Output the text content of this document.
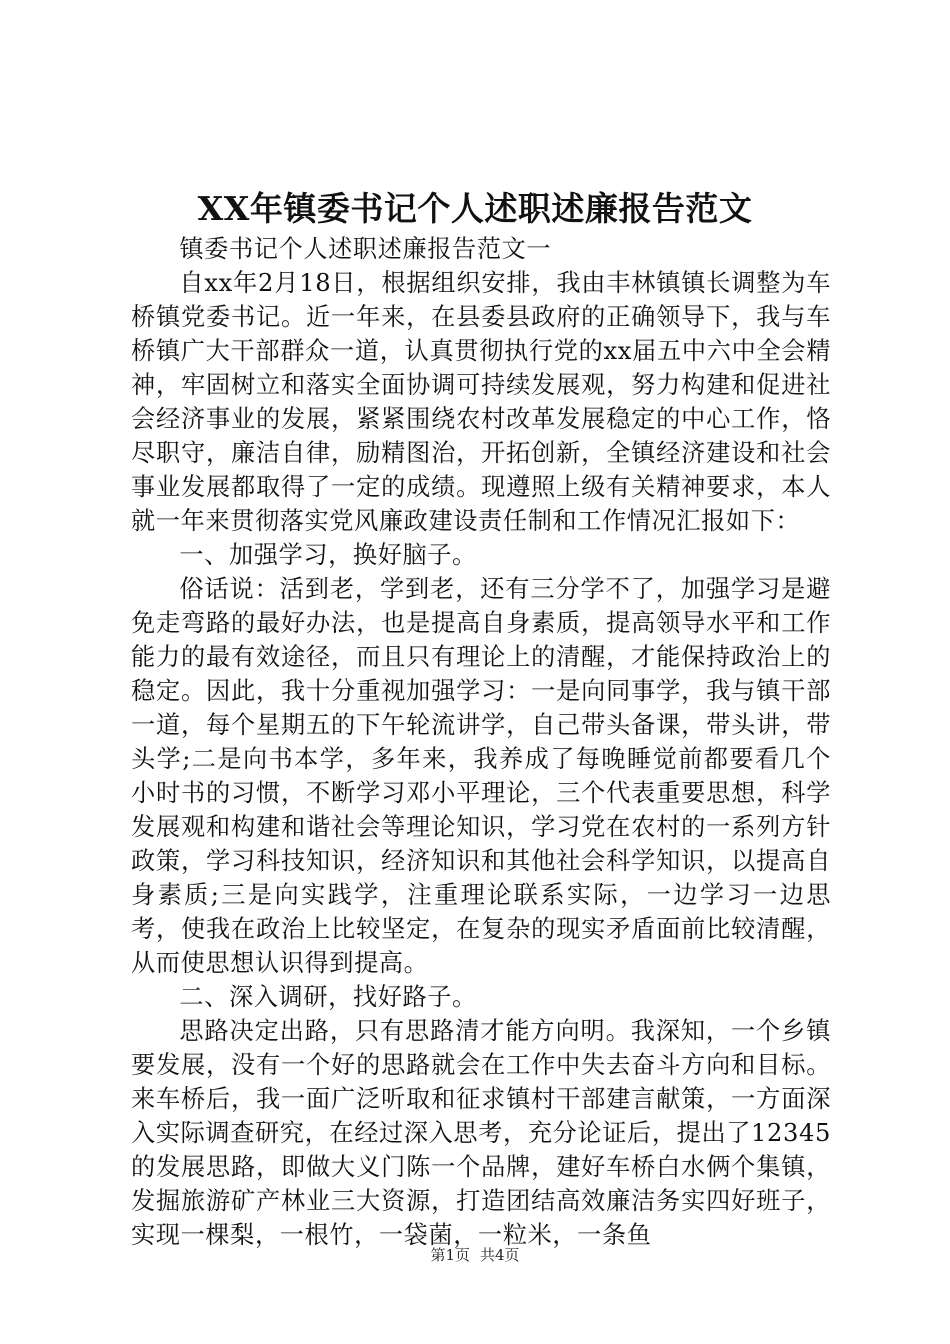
XX年镇委书记个人述职述廉报告范文

镇委书记个人述职述廉报告范文一

自xx年2月18日，根据组织安排，我由丰林镇镇长调整为车桥镇党委书记。近一年来，在县委县政府的正确领导下，我与车桥镇广大干部群众一道，认真贯彻执行党的xx届五中六中全会精神，牢固树立和落实全面协调可持续发展观，努力构建和促进社会经济事业的发展，紧紧围绕农村改革发展稳定的中心工作，恪尽职守，廉洁自律，励精图治，开拓创新，全镇经济建设和社会事业发展都取得了一定的成绩。现遵照上级有关精神要求，本人就一年来贯彻落实党风廉政建设责任制和工作情况汇报如下：

一、加强学习，换好脑子。

俗话说：活到老，学到老，还有三分学不了，加强学习是避免走弯路的最好办法，也是提高自身素质，提高领导水平和工作能力的最有效途径，而且只有理论上的清醒，才能保持政治上的稳定。因此，我十分重视加强学习：一是向同事学，我与镇干部一道，每个星期五的下午轮流讲学，自己带头备课，带头讲，带头学;二是向书本学，多年来，我养成了每晚睡觉前都要看几个小时书的习惯，不断学习邓小平理论，三个代表重要思想，科学发展观和构建和谐社会等理论知识，学习党在农村的一系列方针政策，学习科技知识，经济知识和其他社会科学知识，以提高自身素质;三是向实践学，注重理论联系实际，一边学习一边思考，使我在政治上比较坚定，在复杂的现实矛盾面前比较清醒，从而使思想认识得到提高。

二、深入调研，找好路子。

思路决定出路，只有思路清才能方向明。我深知，一个乡镇要发展，没有一个好的思路就会在工作中失去奋斗方向和目标。来车桥后，我一面广泛听取和征求镇村干部建言献策，一方面深入实际调查研究，在经过深入思考，充分论证后，提出了12345的发展思路，即做大义门陈一个品牌，建好车桥白水俩个集镇，发掘旅游矿产林业三大资源，打造团结高效廉洁务实四好班子，实现一棵梨，一根竹，一袋菌，一粒米，一条鱼

第1页 共4页
